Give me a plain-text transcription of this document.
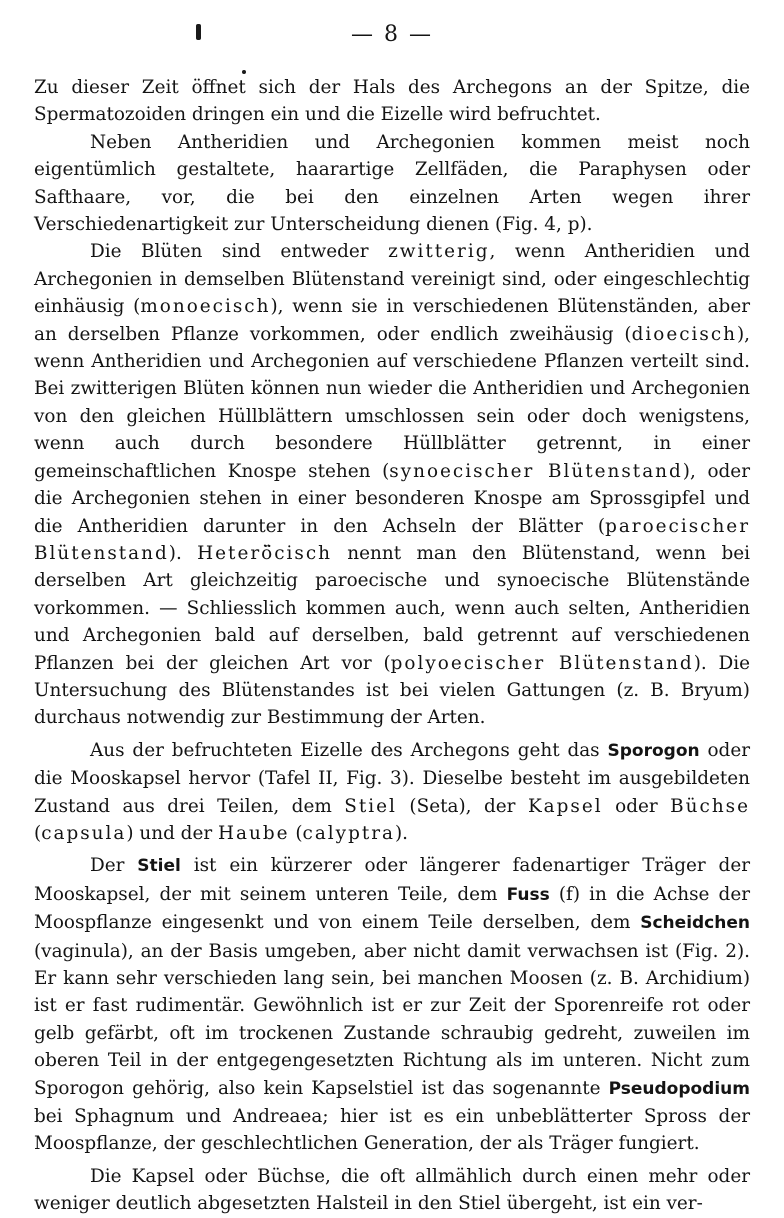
— 8 —

Zu dieser Zeit öffnet sich der Hals des Archegons an der Spitze, die Spermatozoiden dringen ein und die Eizelle wird befruchtet.

Neben Antheridien und Archegonien kommen meist noch eigentümlich gestaltete, haarartige Zellfäden, die Paraphysen oder Safthaare, vor, die bei den einzelnen Arten wegen ihrer Verschiedenartigkeit zur Unterscheidung dienen (Fig. 4, p).

Die Blüten sind entweder zwitterig, wenn Antheridien und Archegonien in demselben Blütenstand vereinigt sind, oder eingeschlechtig einhäusig (monoecisch), wenn sie in verschiedenen Blütenständen, aber an derselben Pflanze vorkommen, oder endlich zweihäusig (dioecisch), wenn Antheridien und Archegonien auf verschiedene Pflanzen verteilt sind. Bei zwitterigen Blüten können nun wieder die Antheridien und Archegonien von den gleichen Hüllblättern umschlossen sein oder doch wenigstens, wenn auch durch besondere Hüllblätter getrennt, in einer gemeinschaftlichen Knospe stehen (synoecischer Blütenstand), oder die Archegonien stehen in einer besonderen Knospe am Sprossgipfel und die Antheridien darunter in den Achseln der Blätter (paroecischer Blütenstand). Heterö̈cisch nennt man den Blütenstand, wenn bei derselben Art gleichzeitig paroecische und synoecische Blütenstände vorkommen. — Schliesslich kommen auch, wenn auch selten, Antheridien und Archegonien bald auf derselben, bald getrennt auf verschiedenen Pflanzen bei der gleichen Art vor (polyoecischer Blütenstand). Die Untersuchung des Blütenstandes ist bei vielen Gattungen (z. B. Bryum) durchaus notwendig zur Bestimmung der Arten.

Aus der befruchteten Eizelle des Archegons geht das Sporogon oder die Mooskapsel hervor (Tafel II, Fig. 3). Dieselbe besteht im ausgebildeten Zustand aus drei Teilen, dem Stiel (Seta), der Kapsel oder Büchse (capsula) und der Haube (calyptra).

Der Stiel ist ein kürzerer oder längerer fadenartiger Träger der Mooskapsel, der mit seinem unteren Teile, dem Fuss (f) in die Achse der Moospflanze eingesenkt und von einem Teile derselben, dem Scheidchen (vaginula), an der Basis umgeben, aber nicht damit verwachsen ist (Fig. 2). Er kann sehr verschieden lang sein, bei manchen Moosen (z. B. Archidium) ist er fast rudimentär. Gewöhnlich ist er zur Zeit der Sporenreife rot oder gelb gefärbt, oft im trockenen Zustande schraubig gedreht, zuweilen im oberen Teil in der entgegengesetzten Richtung als im unteren. Nicht zum Sporogon gehörig, also kein Kapselstiel ist das sogenannte Pseudopodium bei Sphagnum und Andreaea; hier ist es ein unbeblätterter Spross der Moospflanze, der geschlechtlichen Generation, der als Träger fungiert.

Die Kapsel oder Büchse, die oft allmählich durch einen mehr oder weniger deutlich abgesetzten Halsteil in den Stiel übergeht, ist ein ver-
